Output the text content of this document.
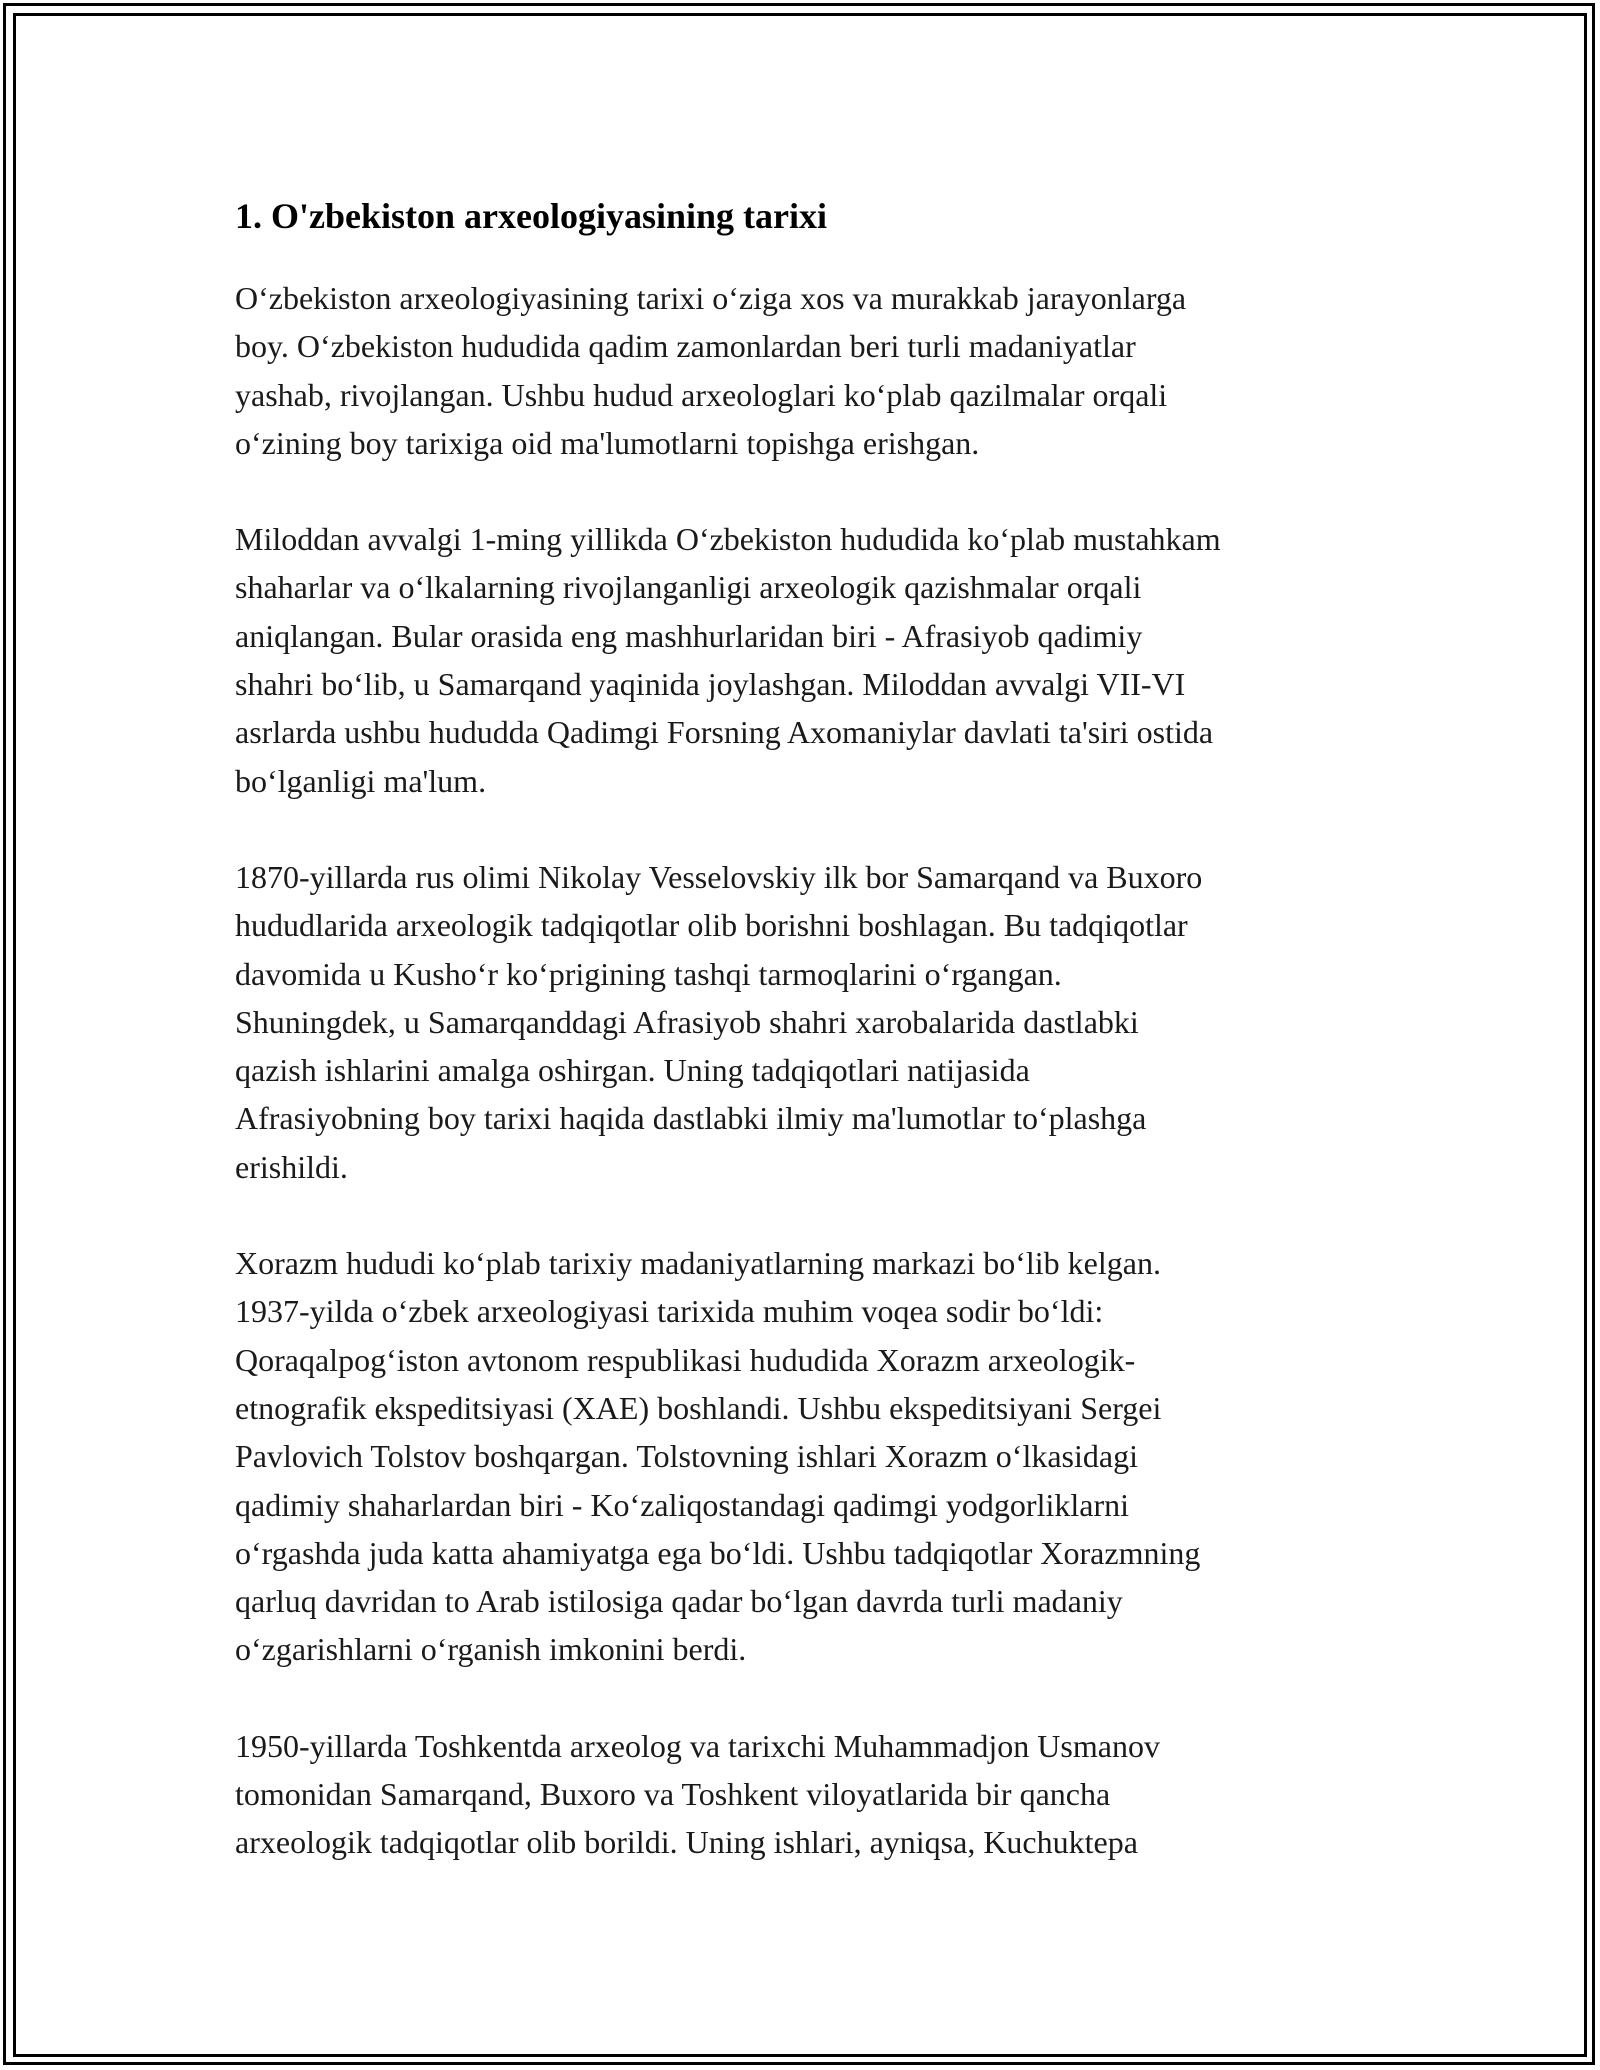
1. O'zbekiston arxeologiyasining tarixi

O‘zbekiston arxeologiyasining tarixi o‘ziga xos va murakkab jarayonlarga
boy. O‘zbekiston hududida qadim zamonlardan beri turli madaniyatlar
yashab, rivojlangan. Ushbu hudud arxeologlari ko‘plab qazilmalar orqali
o‘zining boy tarixiga oid ma'lumotlarni topishga erishgan.

Miloddan avvalgi 1-ming yillikda O‘zbekiston hududida ko‘plab mustahkam
shaharlar va o‘lkalarning rivojlanganligi arxeologik qazishmalar orqali
aniqlangan. Bular orasida eng mashhurlaridan biri - Afrasiyob qadimiy
shahri bo‘lib, u Samarqand yaqinida joylashgan. Miloddan avvalgi VII-VI
asrlarda ushbu hududda Qadimgi Forsning Axomaniylar davlati ta'siri ostida
bo‘lganligi ma'lum.

1870-yillarda rus olimi Nikolay Vesselovskiy ilk bor Samarqand va Buxoro
hududlarida arxeologik tadqiqotlar olib borishni boshlagan. Bu tadqiqotlar
davomida u Kusho‘r ko‘prigining tashqi tarmoqlarini o‘rgangan.
Shuningdek, u Samarqanddagi Afrasiyob shahri xarobalarida dastlabki
qazish ishlarini amalga oshirgan. Uning tadqiqotlari natijasida
Afrasiyobning boy tarixi haqida dastlabki ilmiy ma'lumotlar to‘plashga
erishildi.

Xorazm hududi ko‘plab tarixiy madaniyatlarning markazi bo‘lib kelgan.
1937-yilda o‘zbek arxeologiyasi tarixida muhim voqea sodir bo‘ldi:
Qoraqalpog‘iston avtonom respublikasi hududida Xorazm arxeologik-
etnografik ekspeditsiyasi (XAE) boshlandi. Ushbu ekspeditsiyani Sergei
Pavlovich Tolstov boshqargan. Tolstovning ishlari Xorazm o‘lkasidagi
qadimiy shaharlardan biri - Ko‘zaliqostandagi qadimgi yodgorliklarni
o‘rgashda juda katta ahamiyatga ega bo‘ldi. Ushbu tadqiqotlar Xorazmning
qarluq davridan to Arab istilosiga qadar bo‘lgan davrda turli madaniy
o‘zgarishlarni o‘rganish imkonini berdi.

1950-yillarda Toshkentda arxeolog va tarixchi Muhammadjon Usmanov
tomonidan Samarqand, Buxoro va Toshkent viloyatlarida bir qancha
arxeologik tadqiqotlar olib borildi. Uning ishlari, ayniqsa, Kuchuktepa
